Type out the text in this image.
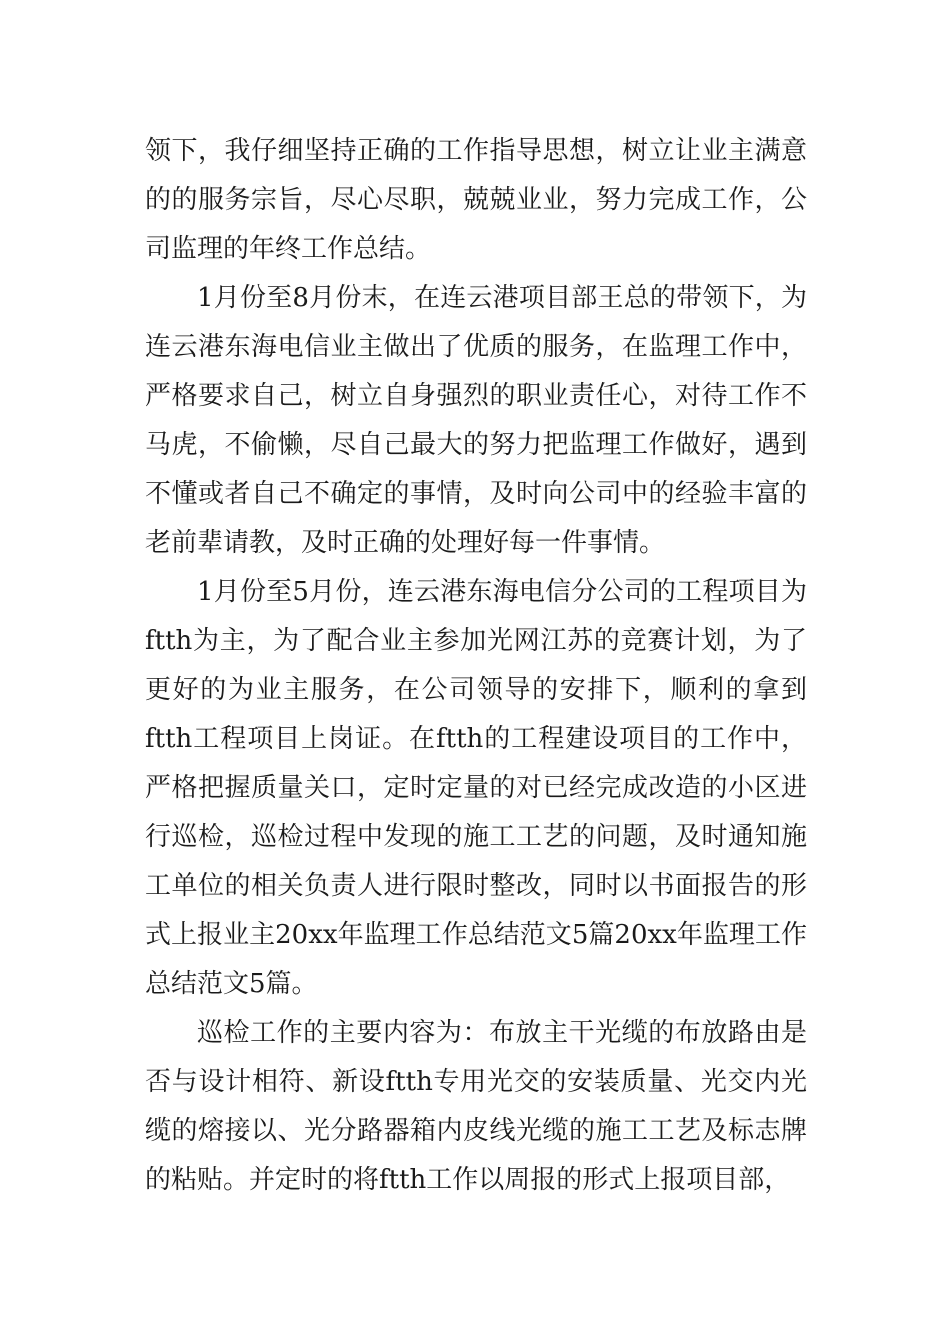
领下，我仔细坚持正确的工作指导思想，树立让业主满意的的服务宗旨，尽心尽职，兢兢业业，努力完成工作，公司监理的年终工作总结。

1月份至8月份末，在连云港项目部王总的带领下，为连云港东海电信业主做出了优质的服务，在监理工作中，严格要求自己，树立自身强烈的职业责任心，对待工作不马虎，不偷懒，尽自己最大的努力把监理工作做好，遇到不懂或者自己不确定的事情，及时向公司中的经验丰富的老前辈请教，及时正确的处理好每一件事情。

1月份至5月份，连云港东海电信分公司的工程项目为ftth为主，为了配合业主参加光网江苏的竞赛计划，为了更好的为业主服务，在公司领导的安排下，顺利的拿到ftth工程项目上岗证。在ftth的工程建设项目的工作中，严格把握质量关口，定时定量的对已经完成改造的小区进行巡检，巡检过程中发现的施工工艺的问题，及时通知施工单位的相关负责人进行限时整改，同时以书面报告的形式上报业主20xx年监理工作总结范文5篇20xx年监理工作总结范文5篇。

巡检工作的主要内容为：布放主干光缆的布放路由是否与设计相符、新设ftth专用光交的安装质量、光交内光缆的熔接以、光分路器箱内皮线光缆的施工工艺及标志牌的粘贴。并定时的将ftth工作以周报的形式上报项目部，
